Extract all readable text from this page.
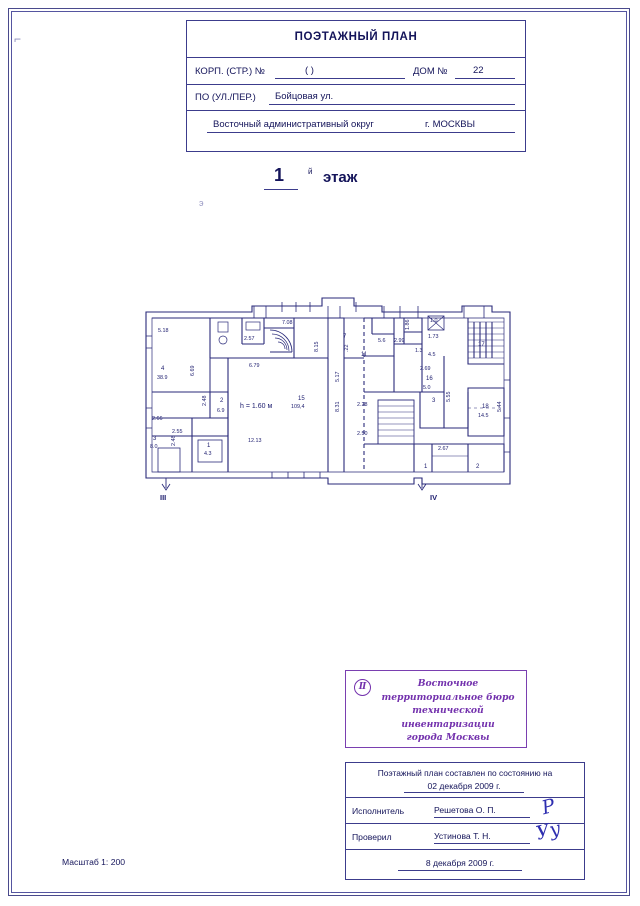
⌐
э
ПОЭТАЖНЫЙ ПЛАН
КОРП. (СТР.) №	( )	ДОМ №	22
ПО (УЛ./ПЕР.) Бойцовая ул.
Восточный административный округ	г. МОСКВЫ
1	й этаж
5.18
7.08
2.57	7
8.15
5.6 2.99
1.86	1.0
1.73
4.5
1.3
17
4
38.9
6.69	6.79
5.17
2.69
16
5.0
15
109,4	8.31
3 5.55
18
14.5
5.44
2.28
2.50
2.66
2.48 2
6.9
2.55
3
8.0
2.48	1
4.3
12.13
2.67
1	2
11
.22
h = 1.60 м
III	IV
Ⅱ	Восточное
территориальное бюро
технической инвентаризации
города Москвы
Поэтажный план составлен по состоянию на
02 декабря 2009 г.
Исполнитель	Решетова О. П.	Р
Проверил	Устинова Т. Н.	Уу
8 декабря 2009 г.
Масштаб 1: 200
